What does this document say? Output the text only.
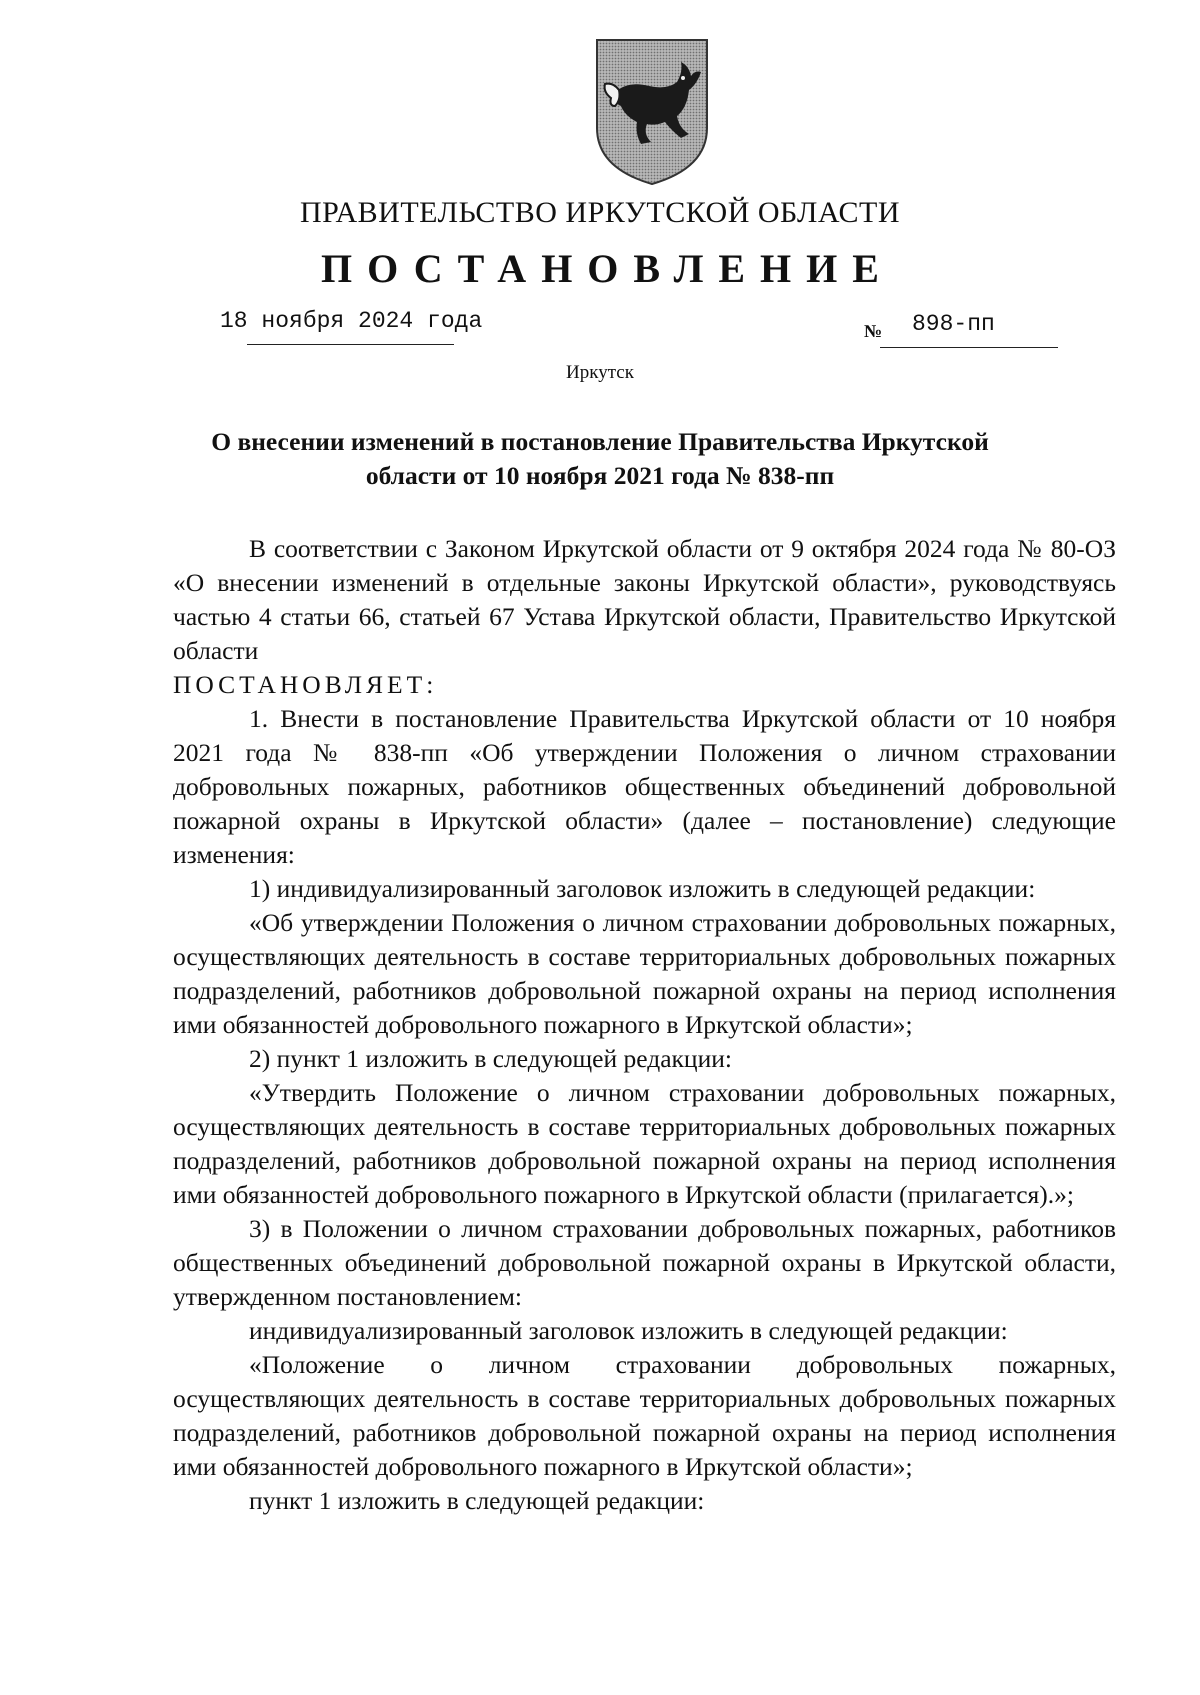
ПРАВИТЕЛЬСТВО ИРКУТСКОЙ ОБЛАСТИ
ПОСТАНОВЛЕНИЕ
18 ноября 2024 года	№ 898-пп
Иркутск
О внесении изменений в постановление Правительства Иркутской
области от 10 ноября 2021 года № 838-пп

В соответствии с Законом Иркутской области от 9 октября 2024 года № 80-ОЗ «О внесении изменений в отдельные законы Иркутской области», руководствуясь частью 4 статьи 66, статьей 67 Устава Иркутской области, Правительство Иркутской области

ПОСТАНОВЛЯЕТ:

1. Внести в постановление Правительства Иркутской области от 10 ноября 2021 года № 838-пп «Об утверждении Положения о личном страховании добровольных пожарных, работников общественных объединений добровольной пожарной охраны в Иркутской области» (далее – постановление) следующие изменения:

1) индивидуализированный заголовок изложить в следующей редакции:

«Об утверждении Положения о личном страховании добровольных пожарных, осуществляющих деятельность в составе территориальных добровольных пожарных подразделений, работников добровольной пожарной охраны на период исполнения ими обязанностей добровольного пожарного в Иркутской области»;

2) пункт 1 изложить в следующей редакции:

«Утвердить Положение о личном страховании добровольных пожарных, осуществляющих деятельность в составе территориальных добровольных пожарных подразделений, работников добровольной пожарной охраны на период исполнения ими обязанностей добровольного пожарного в Иркутской области (прилагается).»;

3) в Положении о личном страховании добровольных пожарных, работников общественных объединений добровольной пожарной охраны в Иркутской области, утвержденном постановлением:

индивидуализированный заголовок изложить в следующей редакции:

«Положение о личном страховании добровольных пожарных, осуществляющих деятельность в составе территориальных добровольных пожарных подразделений, работников добровольной пожарной охраны на период исполнения ими обязанностей добровольного пожарного в Иркутской области»;

пункт 1 изложить в следующей редакции:
